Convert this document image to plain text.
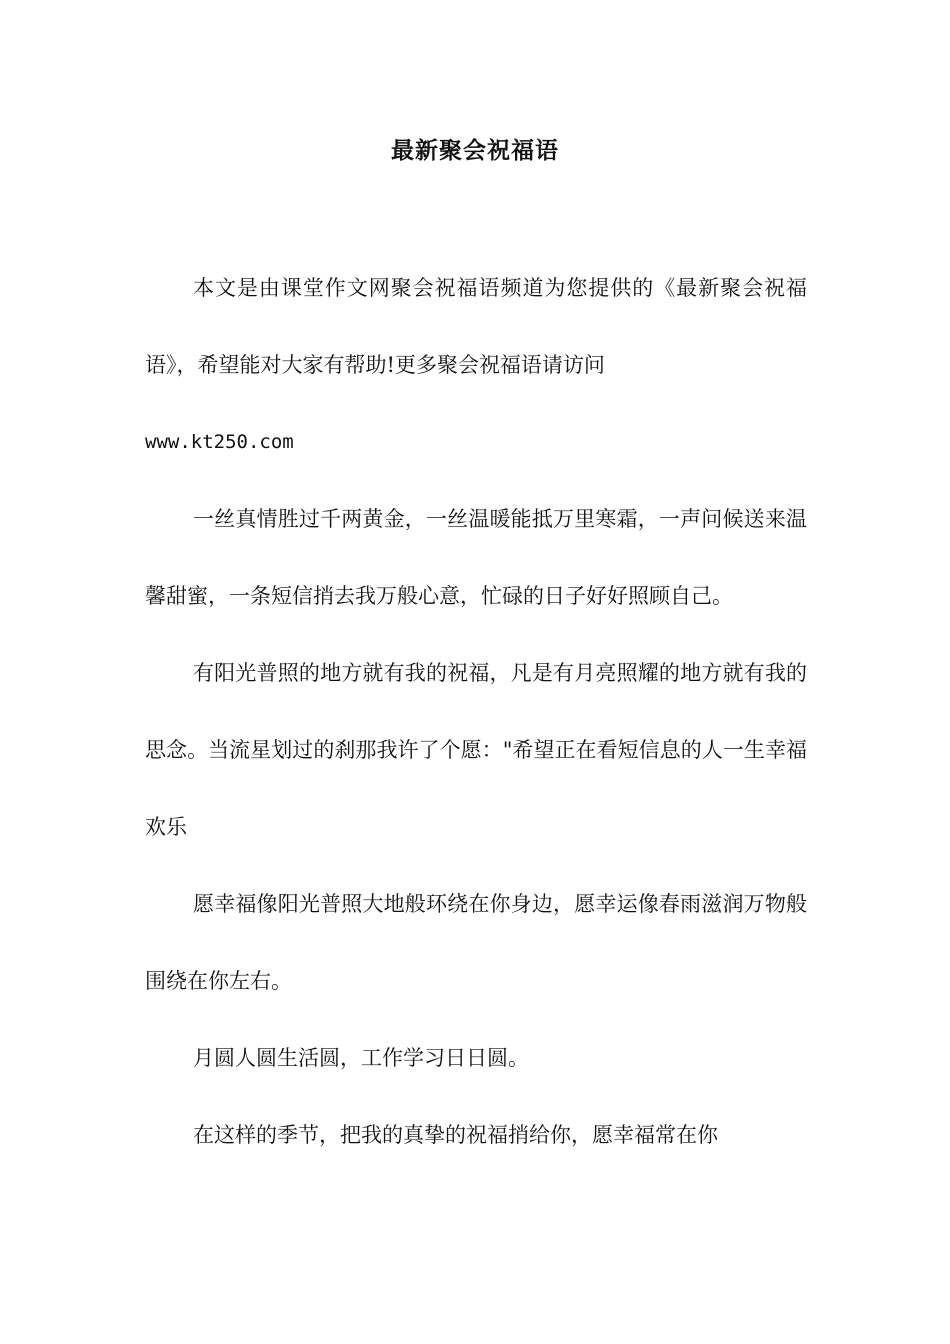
最新聚会祝福语

本文是由课堂作文网聚会祝福语频道为您提供的《最新聚会祝福语》，希望能对大家有帮助!更多聚会祝福语请访问

www.kt250.com

一丝真情胜过千两黄金，一丝温暖能抵万里寒霜，一声问候送来温馨甜蜜，一条短信捎去我万般心意，忙碌的日子好好照顾自己。

有阳光普照的地方就有我的祝福，凡是有月亮照耀的地方就有我的思念。当流星划过的刹那我许了个愿："希望正在看短信息的人一生幸福欢乐

愿幸福像阳光普照大地般环绕在你身边，愿幸运像春雨滋润万物般围绕在你左右。

月圆人圆生活圆，工作学习日日圆。

在这样的季节，把我的真挚的祝福捎给你，愿幸福常在你
